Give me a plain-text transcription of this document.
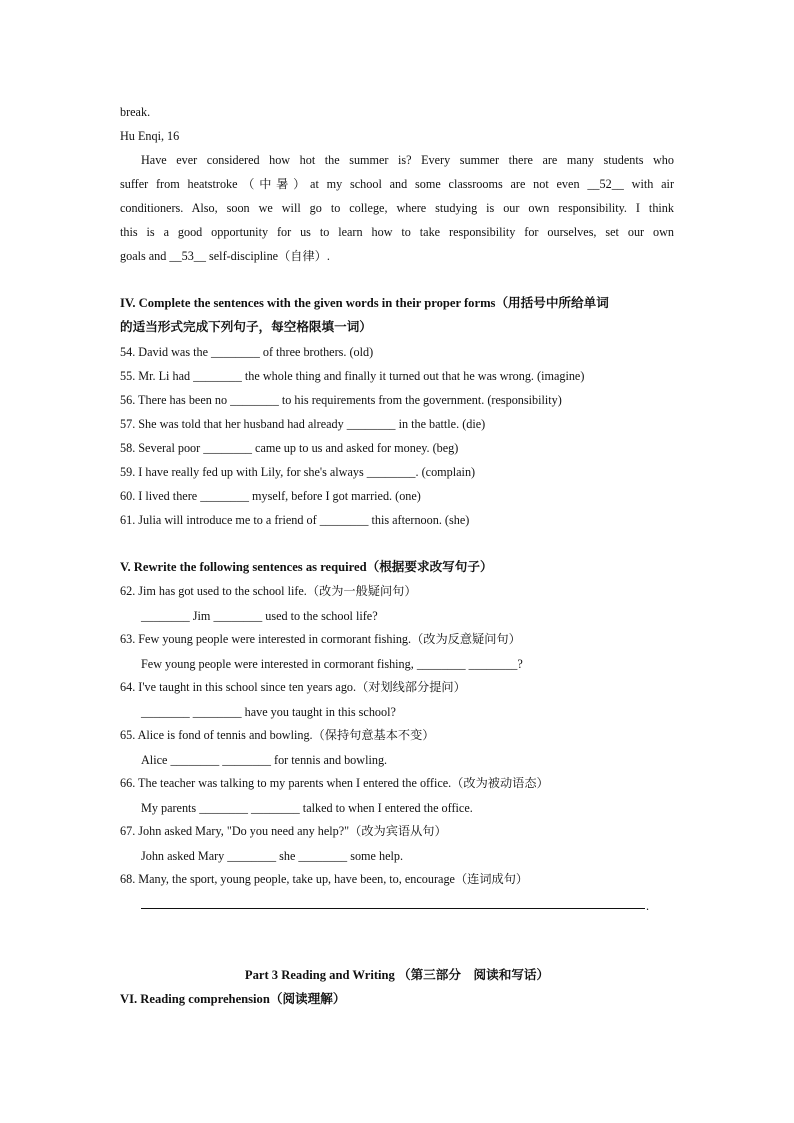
break.
Hu Enqi, 16
Have ever considered how hot the summer is? Every summer there are many students who
suffer from heatstroke（中暑）at my school and some classrooms are not even __52__ with air
conditioners. Also, soon we will go to college, where studying is our own responsibility. I think
this is a good opportunity for us to learn how to take responsibility for ourselves, set our own
goals and __53__ self-discipline（自律）.
IV. Complete the sentences with the given words in their proper forms（用括号中所给单词
的适当形式完成下列句子，每空格限填一词）
54. David was the ________ of three brothers. (old)
55. Mr. Li had ________ the whole thing and finally it turned out that he was wrong. (imagine)
56. There has been no ________ to his requirements from the government. (responsibility)
57. She was told that her husband had already ________ in the battle. (die)
58. Several poor ________ came up to us and asked for money. (beg)
59. I have really fed up with Lily, for she's always ________. (complain)
60. I lived there ________ myself, before I got married. (one)
61. Julia will introduce me to a friend of ________ this afternoon. (she)
V. Rewrite the following sentences as required（根据要求改写句子）
62. Jim has got used to the school life.（改为一般疑问句）
________ Jim ________ used to the school life?
63. Few young people were interested in cormorant fishing.（改为反意疑问句）
Few young people were interested in cormorant fishing, ________ ________?
64. I've taught in this school since ten years ago.（对划线部分提问）
________ ________ have you taught in this school?
65. Alice is fond of tennis and bowling.（保持句意基本不变）
Alice ________ ________ for tennis and bowling.
66. The teacher was talking to my parents when I entered the office.（改为被动语态）
My parents ________ ________ talked to when I entered the office.
67. John asked Mary, "Do you need any help?"（改为宾语从句）
John asked Mary ________ she ________ some help.
68. Many, the sport, young people, take up, have been, to, encourage（连词成句）
.
Part 3 Reading and Writing （第三部分　阅读和写话）
VI. Reading comprehension（阅读理解）
